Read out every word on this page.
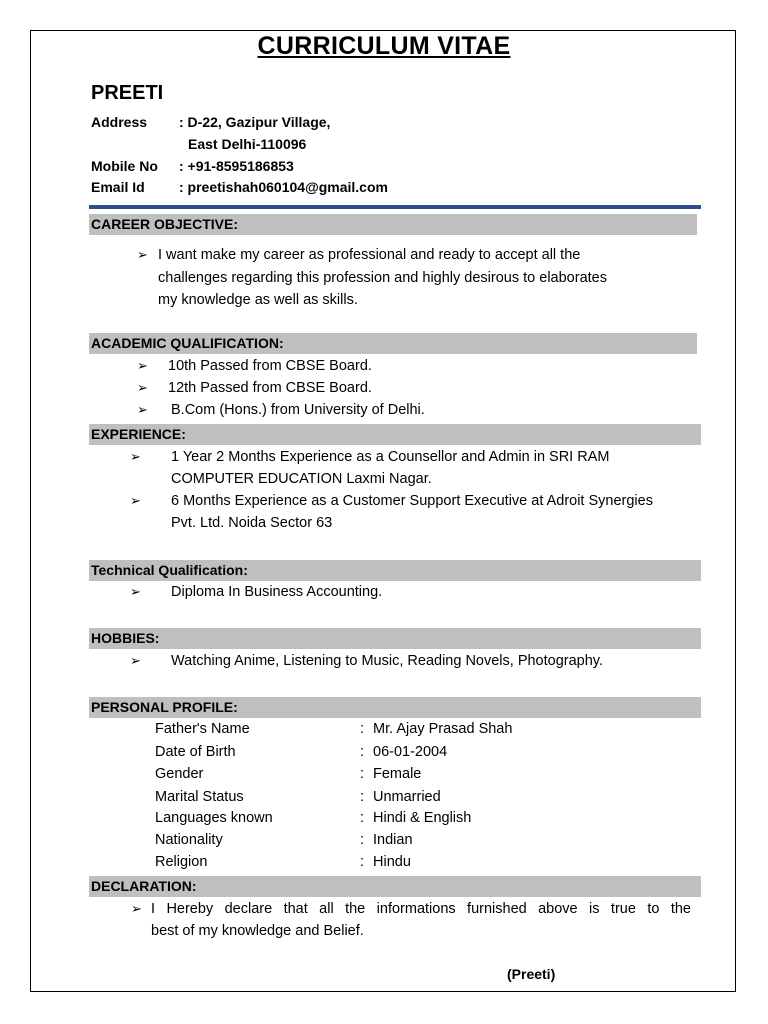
CURRICULUM VITAE
PREETI
Address : D-22, Gazipur Village,
East Delhi-110096
Mobile No : +91-8595186853
Email Id : preetishah060104@gmail.com
CAREER OBJECTIVE:
➢ I want make my career as professional and ready to accept all the
challenges regarding this profession and highly desirous to elaborates
my knowledge as well as skills.
ACADEMIC QUALIFICATION:
➢ 10th Passed from CBSE Board.
➢ 12th Passed from CBSE Board.
➢ B.Com (Hons.) from University of Delhi.
EXPERIENCE:
➢ 1 Year 2 Months Experience as a Counsellor and Admin in SRI RAM
COMPUTER EDUCATION Laxmi Nagar.
➢ 6 Months Experience as a Customer Support Executive at Adroit Synergies
Pvt. Ltd. Noida Sector 63
Technical Qualification:
➢ Diploma In Business Accounting.
HOBBIES:
➢ Watching Anime, Listening to Music, Reading Novels, Photography.
PERSONAL PROFILE:
Father's Name	: Mr. Ajay Prasad Shah
Date of Birth	: 06-01-2004
Gender	: Female
Marital Status	: Unmarried
Languages known	: Hindi & English
Nationality	: Indian
Religion	: Hindu
DECLARATION:
➢ I Hereby declare that all the informations furnished above is true to the
best of my knowledge and Belief.
(Preeti)
